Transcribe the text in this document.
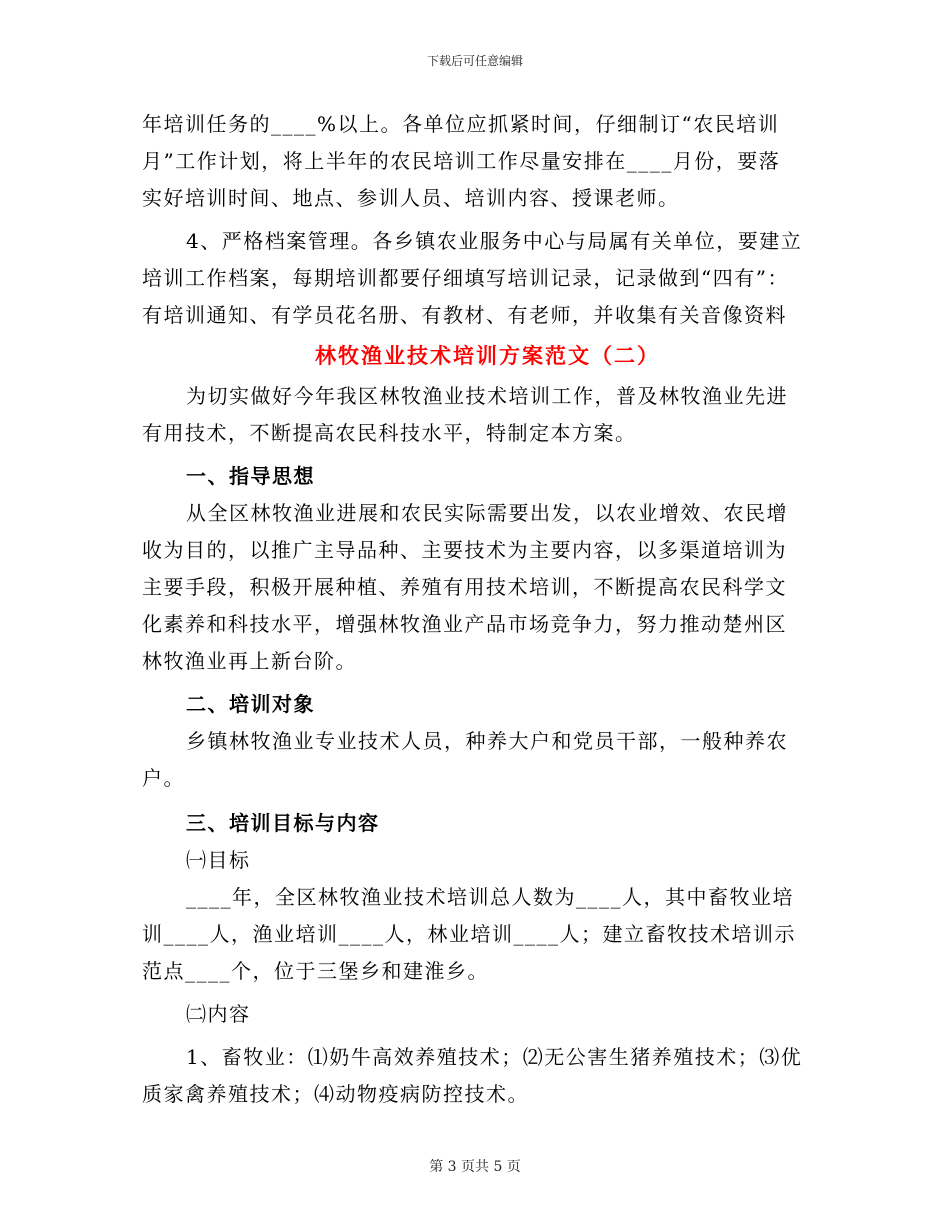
下载后可任意编辑
年培训任务的____%以上。各单位应抓紧时间，仔细制订“农民培训
月”工作计划，将上半年的农民培训工作尽量安排在____月份，要落
实好培训时间、地点、参训人员、培训内容、授课老师。
4、严格档案管理。各乡镇农业服务中心与局属有关单位，要建立
培训工作档案，每期培训都要仔细填写培训记录，记录做到“四有”：
有培训通知、有学员花名册、有教材、有老师，并收集有关音像资料
林牧渔业技术培训方案范文（二）
为切实做好今年我区林牧渔业技术培训工作，普及林牧渔业先进
有用技术，不断提高农民科技水平，特制定本方案。
一、指导思想
从全区林牧渔业进展和农民实际需要出发，以农业增效、农民增
收为目的，以推广主导品种、主要技术为主要内容，以多渠道培训为
主要手段，积极开展种植、养殖有用技术培训，不断提高农民科学文
化素养和科技水平，增强林牧渔业产品市场竞争力，努力推动楚州区
林牧渔业再上新台阶。
二、培训对象
乡镇林牧渔业专业技术人员，种养大户和党员干部，一般种养农
户。
三、培训目标与内容
㈠目标
____年，全区林牧渔业技术培训总人数为____人，其中畜牧业培
训____人，渔业培训____人，林业培训____人；建立畜牧技术培训示
范点____个，位于三堡乡和建淮乡。
㈡内容
1、畜牧业：⑴奶牛高效养殖技术；⑵无公害生猪养殖技术；⑶优
质家禽养殖技术；⑷动物疫病防控技术。
第 3 页共 5 页
